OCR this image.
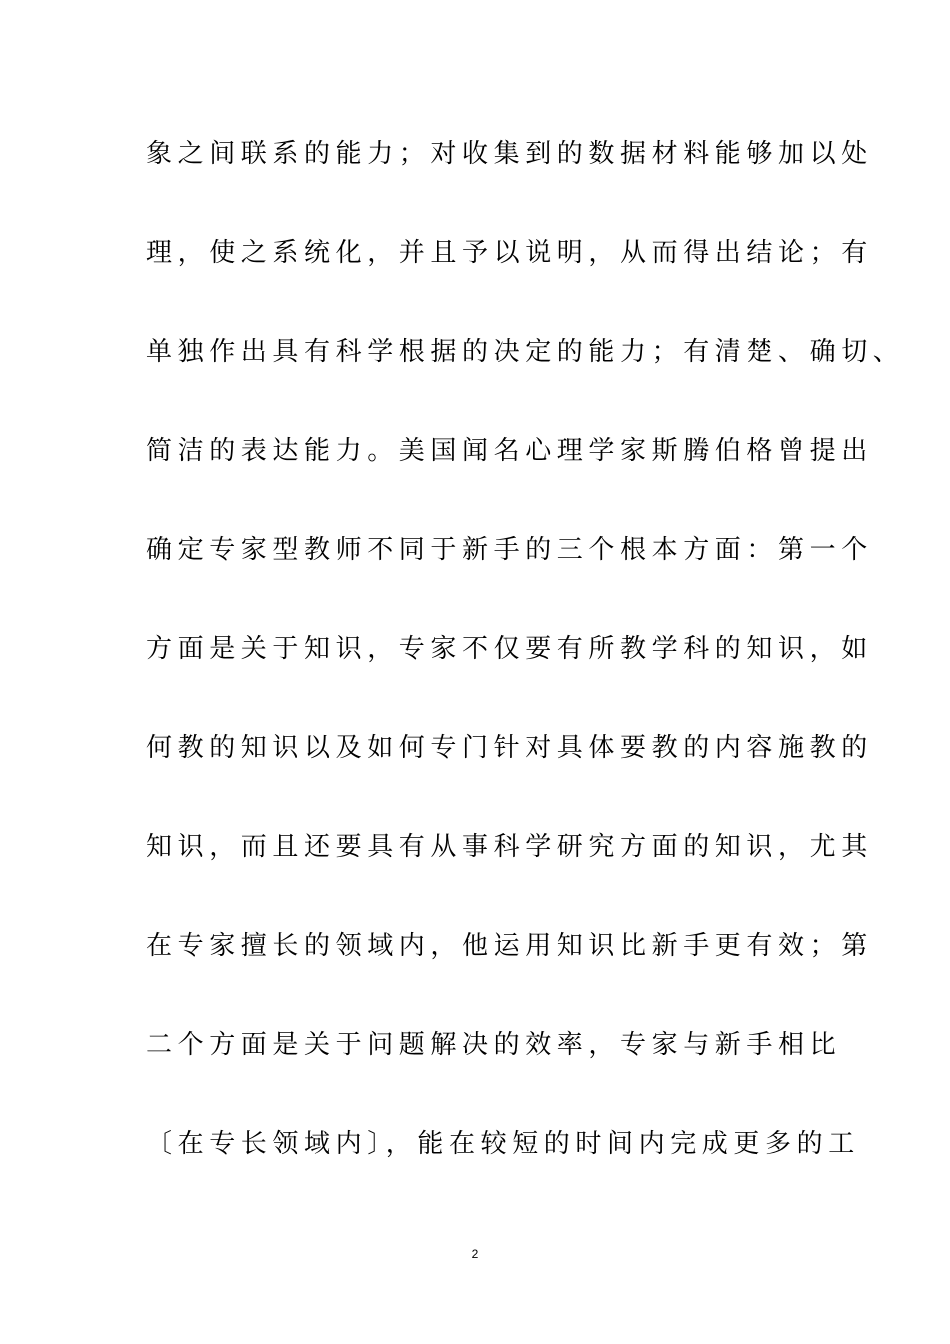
象之间联系的能力；对收集到的数据材料能够加以处
理，使之系统化，并且予以说明，从而得出结论；有
单独作出具有科学根据的决定的能力；有清楚、确切、
简洁的表达能力。美国闻名心理学家斯腾伯格曾提出
确定专家型教师不同于新手的三个根本方面：第一个
方面是关于知识，专家不仅要有所教学科的知识，如
何教的知识以及如何专门针对具体要教的内容施教的
知识，而且还要具有从事科学研究方面的知识，尤其
在专家擅长的领域内，他运用知识比新手更有效；第
二个方面是关于问题解决的效率，专家与新手相比
〔在专长领域内〕，能在较短的时间内完成更多的工
2
